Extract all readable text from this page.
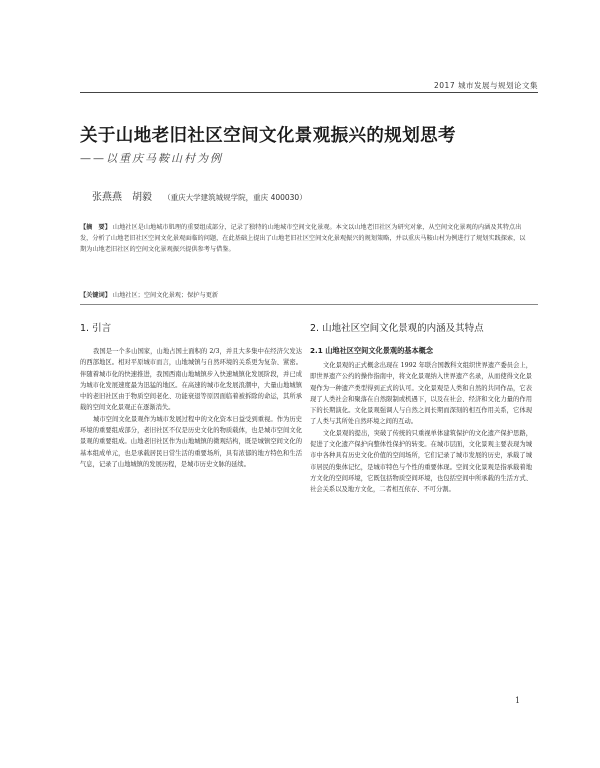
2017 城市发展与规划论文集
关于山地老旧社区空间文化景观振兴的规划思考
——以重庆马鞍山村为例
张燕燕　胡毅 （重庆大学建筑城规学院，重庆 400030）
【摘　要】 山地社区是山地城市肌理的重要组成部分，记录了独特的山地城市空间文化景观。本文以山地老旧社区为研究对象，从空间文化景观的内涵及其特点出发，分析了山地老旧社区空间文化景观面临的问题，在此基础上提出了山地老旧社区空间文化景观振兴的规划策略，并以重庆马鞍山村为例进行了规划实践探索，以期为山地老旧社区的空间文化景观振兴提供参考与借鉴。
【关键词】 山地社区；空间文化景观；保护与更新
1. 引言

我国是一个多山国家，山地占国土面积的 2/3，并且大多集中在经济欠发达的西部地区。相对平原城市而言，山地城镇与自然环境的关系更为复杂、紧密。伴随着城市化的快速推进，我国西南山地城镇步入快速城镇化发展阶段，并已成为城市化发展速度最为迅猛的地区。在高速的城市化发展浪潮中，大量山地城镇中的老旧社区由于物质空间老化、功能衰退等原因面临着被拆除的命运，其所承载的空间文化景观正在逐渐消失。

城市空间文化景观作为城市发展过程中的文化资本日益受到重视。作为历史环境的重要组成部分，老旧社区不仅是历史文化的物质载体，也是城市空间文化景观的重要组成。山地老旧社区作为山地城镇的微观结构，既是城镇空间文化的基本组成单元，也是承载居民日常生活的重要场所，具有浓郁的地方特色和生活气息，记录了山地城镇的发展历程，是城市历史文脉的延续。

2. 山地社区空间文化景观的内涵及其特点
2.1 山地社区空间文化景观的基本概念

文化景观的正式概念出现在 1992 年联合国教科文组织世界遗产委员会上，即世界遗产公约的操作指南中，将文化景观纳入世界遗产名录，从而使得文化景观作为一种遗产类型得到正式的认可。文化景观是人类和自然的共同作品，它表现了人类社会和聚落在自然限制或机遇下，以及在社会、经济和文化力量的作用下的长期演化。文化景观强调人与自然之间长期而深刻的相互作用关系，它体现了人类与其所处自然环境之间的互动。

文化景观的提出，突破了传统的只重视单体建筑保护的文化遗产保护思路，促进了文化遗产保护向整体性保护的转变。在城市层面，文化景观主要表现为城市中各种具有历史文化价值的空间场所，它们记录了城市发展的历史，承载了城市居民的集体记忆，是城市特色与个性的重要体现。空间文化景观是指承载着地方文化的空间环境，它既包括物质空间环境，也包括空间中所承载的生活方式、社会关系以及地方文化，二者相互依存、不可分割。

1
